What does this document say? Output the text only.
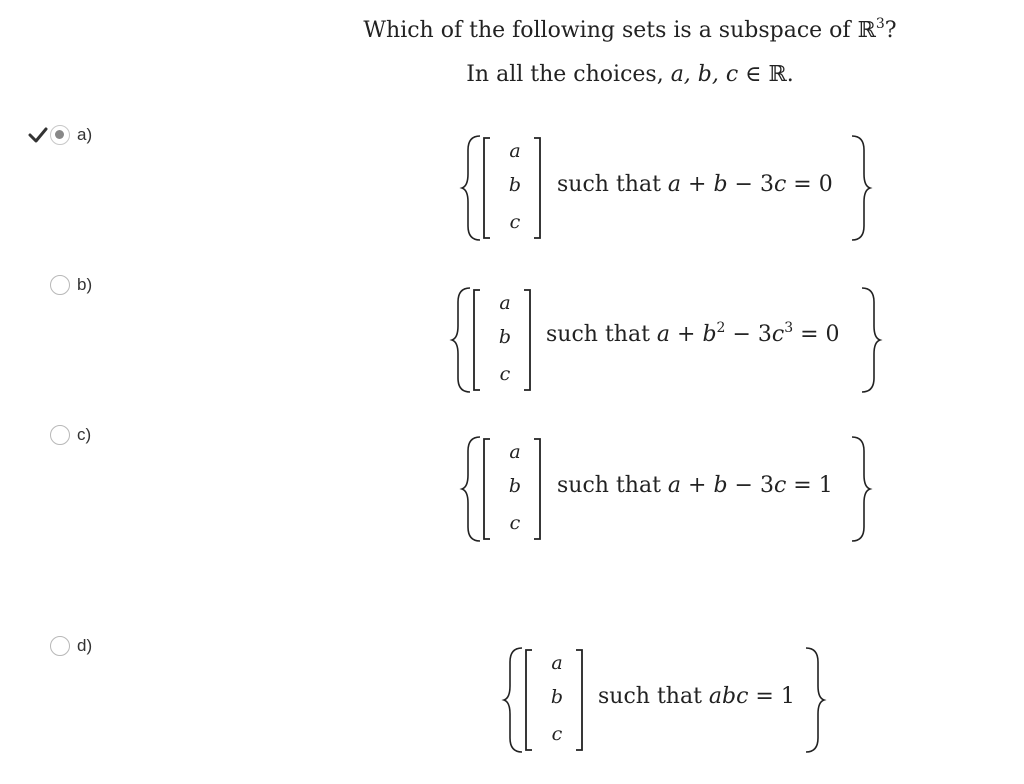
Which of the following sets is a subspace of ℝ$^3$?
In all the choices, a, b, c ∈ ℝ.
a)
a
b
c
such that a + b − 3c = 0
b)
a
b
c
such that $a + b^2 - 3c^3 = 0$
c)
a
b
c
such that a + b − 3c = 1
d)
a
b
c
such that abc = 1
